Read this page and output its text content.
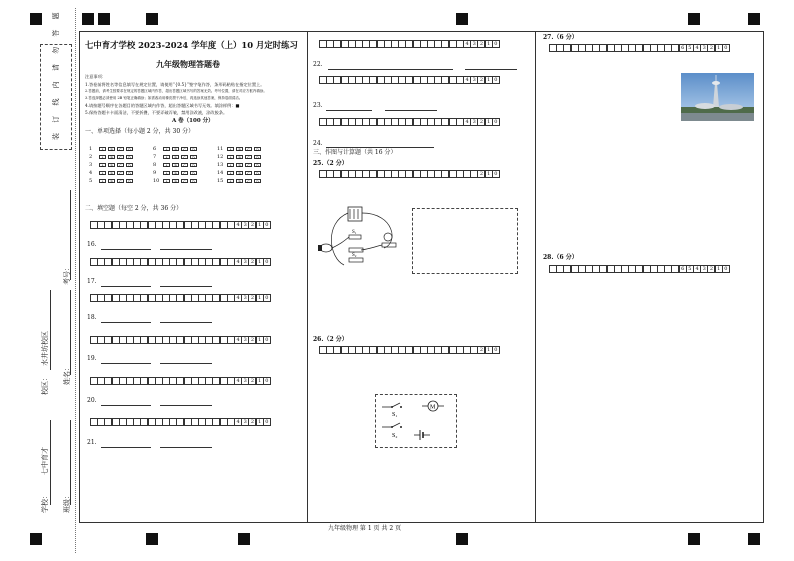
装 订 线 内 请 勿 答 题
考号：
姓名：
校区：
水井坊校区
学校：
七中育才
班级：
七中育才学校 2023-2024 学年度（上）10 月定时练习
九年级物理答题卷
注意事项：
1.答卷前将姓名等信息填写在规定位置，请使用“{0.5}”签字笔作答，条形码粘贴在指定位置上。
2.答题前，请考生按要求在规定的答题区域内作答，超出答题区域书写的答案无效。考号位置，请在对应方框内填涂。
3.答选择题必须使用 2B 铅笔正确填涂；如需改动用橡皮擦干净后，再选涂其他答案，保持卷面清洁。
4.请按题号顺序在各题目的答题区域内作答，超出答题区域书写无效。填涂样例：■
5.保持答题卡卡面清洁，不要折叠，不要弄破弄皱，禁用涂改液，涂改胶条。
A 卷（100 分）
一、单项选择（每小题 2 分，共 30 分）
1	A	B	C	D
2	A	B	C	D
3	A	B	C	D
4	A	B	C	D
5	A	B	C	D
6	A	B	C	D
7	A	B	C	D
8	A	B	C	D
9	A	B	C	D
10	A	B	C	D
11	A	B	C	D
12	A	B	C	D
13	A	B	C	D
14	A	B	C	D
15	A	B	C	D
二、填空题（每空 2 分，共 36 分）
4 3 2 1 0
16.
4 3 2 1 0
17.
4 3 2 1 0
18.
4 3 2 1 0
19.
4 3 2 1 0
20.
4 3 2 1 0
21.
4 3 2 1 0
22.
4 3 2 1 0
23.
4 3 2 1 0
24.
三、作图与计算题（共 16 分）
25.（2 分）
2 1 0
S₁
S₂
26.（2 分）
2 1 0
S₁
M
S₂
27.（6 分）
6 5 4 3 2 1 0
28.（6 分）
6 5 4 3 2 1 0
九年级物理 第 1 页 共 2 页
